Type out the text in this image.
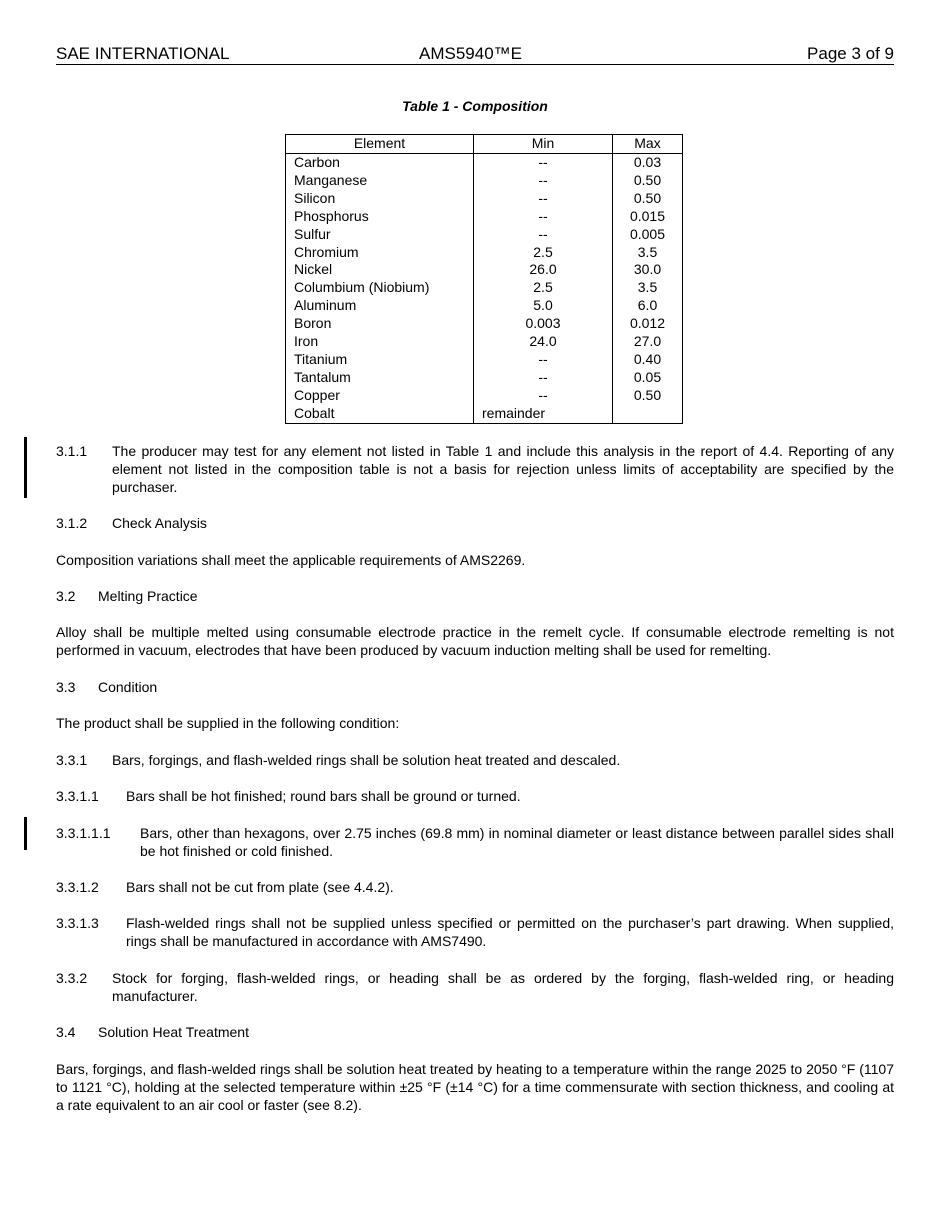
SAE INTERNATIONAL	AMS5940™E	Page 3 of 9
Table 1 - Composition
Element	Min	Max
Carbon	--	0.03
Manganese	--	0.50
Silicon	--	0.50
Phosphorus	--	0.015
Sulfur	--	0.005
Chromium	2.5	3.5
Nickel	26.0	30.0
Columbium (Niobium)	2.5	3.5
Aluminum	5.0	6.0
Boron	0.003	0.012
Iron	24.0	27.0
Titanium	--	0.40
Tantalum	--	0.05
Copper	--	0.50
Cobalt	remainder	
3.1.1	The producer may test for any element not listed in Table 1 and include this analysis in the report of 4.4. Reporting of any element not listed in the composition table is not a basis for rejection unless limits of acceptability are specified by the purchaser.
3.1.2	Check Analysis
Composition variations shall meet the applicable requirements of AMS2269.
3.2	Melting Practice
Alloy shall be multiple melted using consumable electrode practice in the remelt cycle. If consumable electrode remelting is not performed in vacuum, electrodes that have been produced by vacuum induction melting shall be used for remelting.
3.3	Condition
The product shall be supplied in the following condition:
3.3.1	Bars, forgings, and flash-welded rings shall be solution heat treated and descaled.
3.3.1.1	Bars shall be hot finished; round bars shall be ground or turned.
3.3.1.1.1	Bars, other than hexagons, over 2.75 inches (69.8 mm) in nominal diameter or least distance between parallel sides shall be hot finished or cold finished.
3.3.1.2	Bars shall not be cut from plate (see 4.4.2).
3.3.1.3	Flash-welded rings shall not be supplied unless specified or permitted on the purchaser’s part drawing. When supplied, rings shall be manufactured in accordance with AMS7490.
3.3.2	Stock for forging, flash-welded rings, or heading shall be as ordered by the forging, flash-welded ring, or heading manufacturer.
3.4	Solution Heat Treatment
Bars, forgings, and flash-welded rings shall be solution heat treated by heating to a temperature within the range 2025 to 2050 °F (1107 to 1121 °C), holding at the selected temperature within ±25 °F (±14 °C) for a time commensurate with section thickness, and cooling at a rate equivalent to an air cool or faster (see 8.2).
